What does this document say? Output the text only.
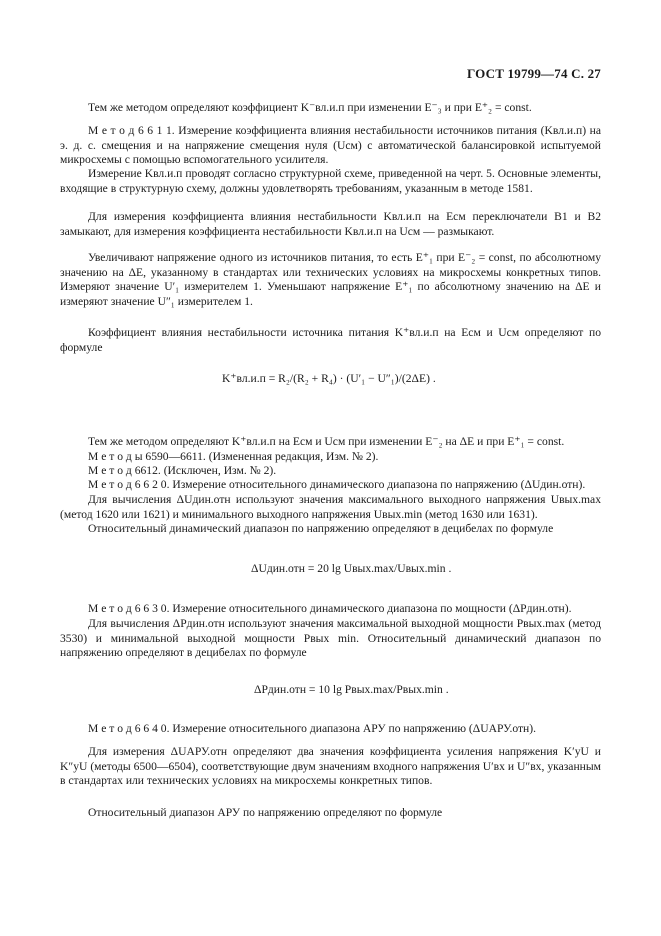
ГОСТ 19799—74 С. 27

Тем же методом определяют коэффициент K⁻вл.и.п при изменении E⁻₃ и при E⁺₂ = const.

М е т о д 6 6 1 1. Измерение коэффициента влияния нестабильности источников питания (Kвл.и.п) на э. д. с. смещения и на напряжение смещения нуля (Uсм) с автоматической балансировкой испытуемой микросхемы с помощью вспомогательного усилителя.

Измерение Kвл.и.п проводят согласно структурной схеме, приведенной на черт. 5. Основные элементы, входящие в структурную схему, должны удовлетворять требованиям, указанным в методе 1581.

Для измерения коэффициента влияния нестабильности Kвл.и.п на Eсм переключатели B1 и B2 замыкают, для измерения коэффициента нестабильности Kвл.и.п на Uсм — размыкают.

Увеличивают напряжение одного из источников питания, то есть E⁺₁ при E⁻₂ = const, по абсолютному значению на ΔE, указанному в стандартах или технических условиях на микросхемы конкретных типов. Измеряют значение U′₁ измерителем 1. Уменьшают напряжение E⁺₁ по абсолютному значению на ΔE и измеряют значение U″₁ измерителем 1.

Коэффициент влияния нестабильности источника питания K⁺вл.и.п на Eсм и Uсм определяют по формуле

K⁺вл.и.п = R₂/(R₂ + R₄) · (U′₁ − U″₁)/(2ΔE) .

Тем же методом определяют K⁺вл.и.п на Eсм и Uсм при изменении E⁻₂ на ΔE и при E⁺₁ = const.

М е т о д ы 6590—6611. (Измененная редакция, Изм. № 2).

М е т о д 6612. (Исключен, Изм. № 2).

М е т о д 6 6 2 0. Измерение относительного динамического диапазона по напряжению (ΔUдин.отн).

Для вычисления ΔUдин.отн используют значения максимального выходного напряжения Uвых.max (метод 1620 или 1621) и минимального выходного напряжения Uвых.min (метод 1630 или 1631).

Относительный динамический диапазон по напряжению определяют в децибелах по формуле

ΔUдин.отн = 20 lg Uвых.max/Uвых.min .

М е т о д 6 6 3 0. Измерение относительного динамического диапазона по мощности (ΔPдин.отн).

Для вычисления ΔPдин.отн используют значения максимальной выходной мощности Pвых.max (метод 3530) и минимальной выходной мощности Pвых min. Относительный динамический диапазон по напряжению определяют в децибелах по формуле

ΔPдин.отн = 10 lg Pвых.max/Pвых.min .

М е т о д 6 6 4 0. Измерение относительного диапазона АРУ по напряжению (ΔUАРУ.отн).

Для измерения ΔUАРУ.отн определяют два значения коэффициента усиления напряжения K′yU и K″yU (методы 6500—6504), соответствующие двум значениям входного напряжения U′вх и U″вх, указанным в стандартах или технических условиях на микросхемы конкретных типов.

Относительный диапазон АРУ по напряжению определяют по формуле
